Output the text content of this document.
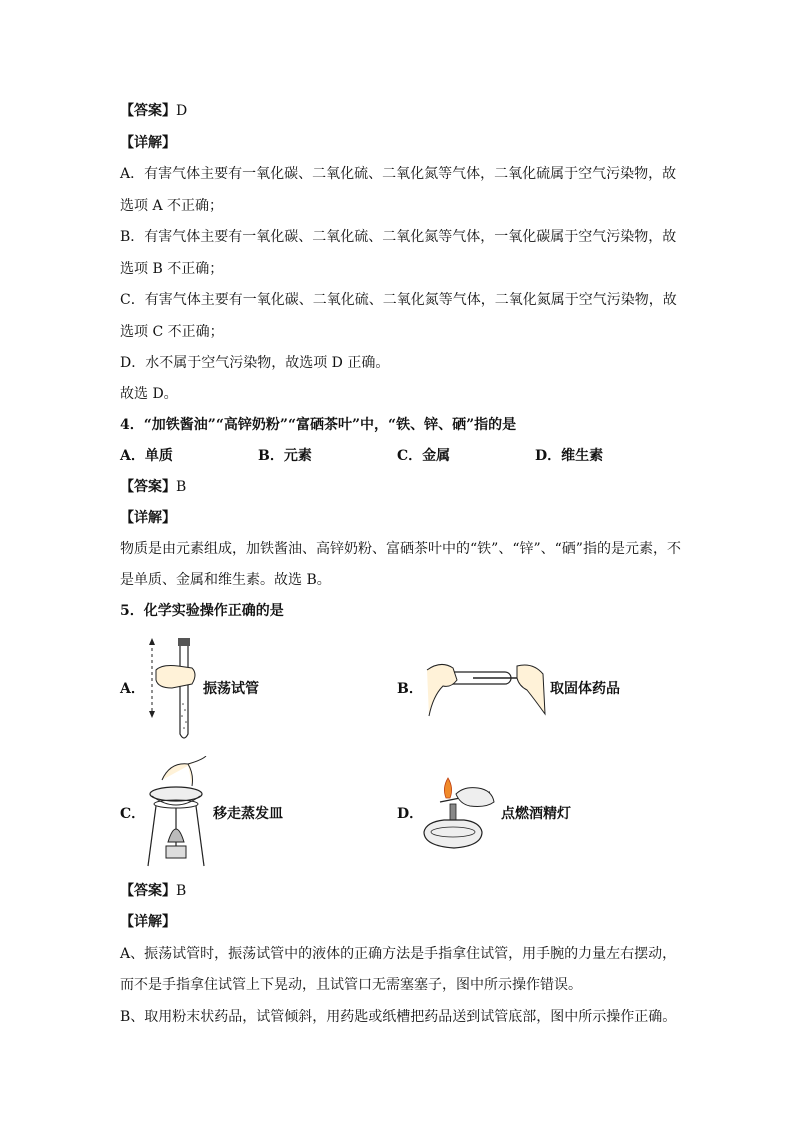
【答案】D
【详解】
A．有害气体主要有一氧化碳、二氧化硫、二氧化氮等气体，二氧化硫属于空气污染物，故
选项 A 不正确；
B．有害气体主要有一氧化碳、二氧化硫、二氧化氮等气体，一氧化碳属于空气污染物，故
选项 B 不正确；
C．有害气体主要有一氧化碳、二氧化硫、二氧化氮等气体，二氧化氮属于空气污染物，故
选项 C 不正确；
D．水不属于空气污染物，故选项 D 正确。
故选 D。
4．“加铁酱油”“高锌奶粉”“富硒茶叶”中，“铁、锌、硒”指的是
A．单质	B．元素	C．金属	D．维生素
【答案】B
【详解】
物质是由元素组成，加铁酱油、高锌奶粉、富硒茶叶中的“铁”、“锌”、“硒”指的是元素，不
是单质、金属和维生素。故选 B。
5．化学实验操作正确的是
A．	振荡试管	B．	取固体药品
C．	移走蒸发皿	D．	点燃酒精灯
【答案】B
【详解】
A、振荡试管时，振荡试管中的液体的正确方法是手指拿住试管，用手腕的力量左右摆动，
而不是手指拿住试管上下晃动，且试管口无需塞塞子，图中所示操作错误。
B、取用粉末状药品，试管倾斜，用药匙或纸槽把药品送到试管底部，图中所示操作正确。
